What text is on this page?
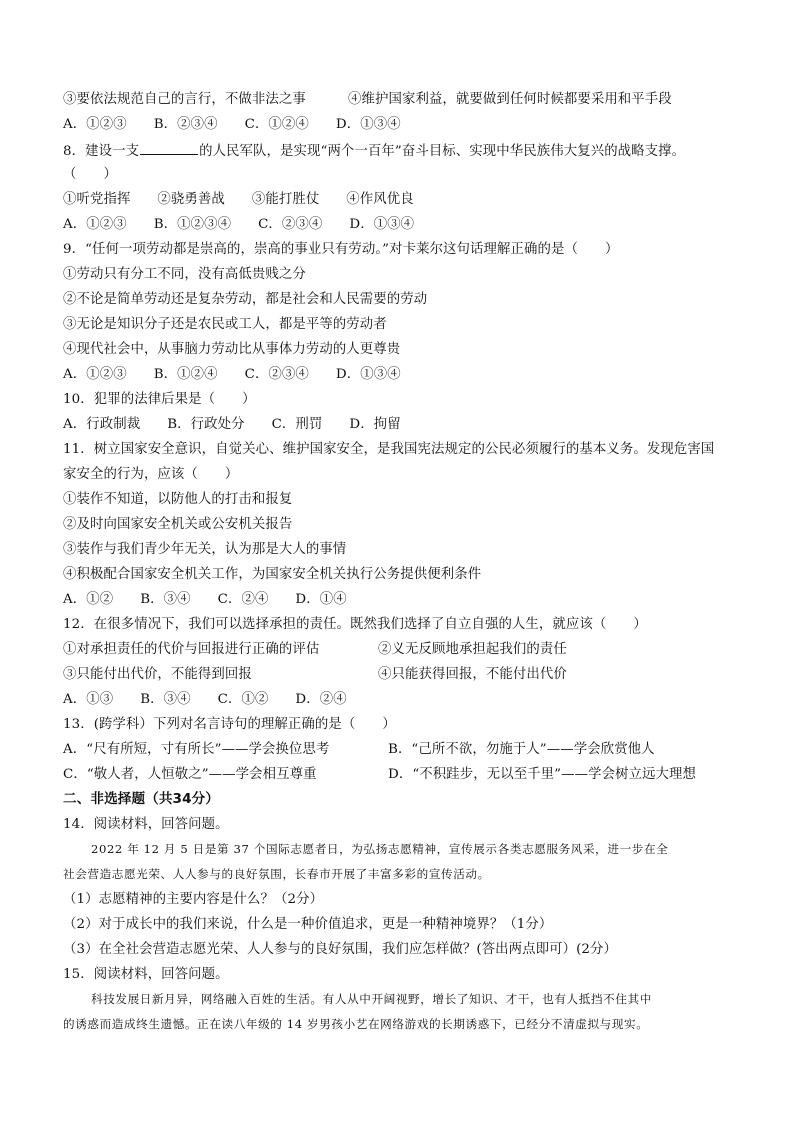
③要依法规范自己的言行，不做非法之事	④维护国家利益，就要做到任何时候都要采用和平手段
A．①②③　　B．②③④　　C．①②④　　D．①③④
8．建设一支	的人民军队，是实现“两个一百年”奋斗目标、实现中华民族伟大复兴的战略支撑。
（　　）
①听党指挥　　②骁勇善战　　③能打胜仗　　④作风优良
A．①②③　　B．①②③④　　C．②③④　　D．①③④
9．“任何一项劳动都是崇高的，崇高的事业只有劳动。”对卡莱尔这句话理解正确的是（　　）
①劳动只有分工不同，没有高低贵贱之分
②不论是简单劳动还是复杂劳动，都是社会和人民需要的劳动
③无论是知识分子还是农民或工人，都是平等的劳动者
④现代社会中，从事脑力劳动比从事体力劳动的人更尊贵
A．①②③　　B．①②④　　C．②③④　　D．①③④
10．犯罪的法律后果是（　　）
A．行政制裁　　B．行政处分　　C．刑罚　　D．拘留
11．树立国家安全意识，自觉关心、维护国家安全，是我国宪法规定的公民必须履行的基本义务。发现危害国
家安全的行为，应该（　　）
①装作不知道，以防他人的打击和报复
②及时向国家安全机关或公安机关报告
③装作与我们青少年无关，认为那是大人的事情
④积极配合国家安全机关工作，为国家安全机关执行公务提供便利条件
A．①②　　B．③④　　C．②④　　D．①④
12．在很多情况下，我们可以选择承担的责任。既然我们选择了自立自强的人生，就应该（　　）
①对承担责任的代价与回报进行正确的评估	②义无反顾地承担起我们的责任
③只能付出代价，不能得到回报	④只能获得回报，不能付出代价
A．①③　　B．③④　　C．①②　　D．②④
13．(跨学科）下列对名言诗句的理解正确的是（　　）
A．“尺有所短，寸有所长”——学会换位思考	B．“己所不欲，勿施于人”——学会欣赏他人
C．“敬人者，人恒敬之”——学会相互尊重	D．“不积跬步，无以至千里”——学会树立远大理想
二、非选择题（共34分）
14．阅读材料，回答问题。
2022 年 12 月 5 日是第 37 个国际志愿者日，为弘扬志愿精神，宣传展示各类志愿服务风采，进一步在全
社会营造志愿光荣、人人参与的良好氛围，长春市开展了丰富多彩的宣传活动。
（1）志愿精神的主要内容是什么？（2分）
（2）对于成长中的我们来说，什么是一种价值追求，更是一种精神境界？（1分）
（3）在全社会营造志愿光荣、人人参与的良好氛围，我们应怎样做？(答出两点即可）(2分）
15．阅读材料，回答问题。
科技发展日新月异，网络融入百姓的生活。有人从中开阔视野，增长了知识、才干，也有人抵挡不住其中
的诱惑而造成终生遗憾。正在读八年级的 14 岁男孩小艺在网络游戏的长期诱惑下，已经分不清虚拟与现实。
